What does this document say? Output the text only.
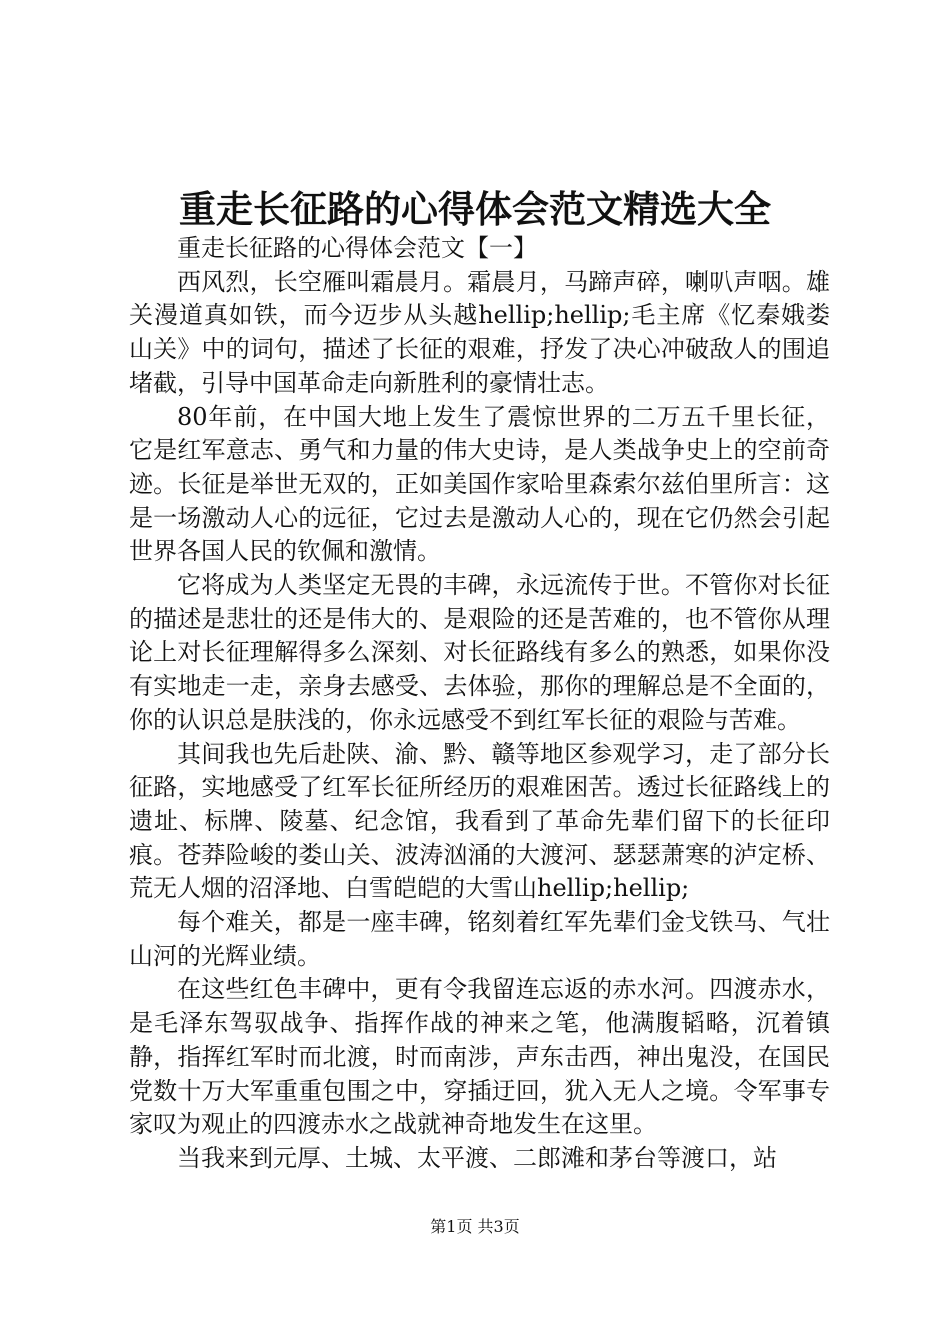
重走长征路的心得体会范文精选大全

重走长征路的心得体会范文【一】

西风烈，长空雁叫霜晨月。霜晨月，马蹄声碎，喇叭声咽。雄关漫道真如铁，而今迈步从头越hellip;hellip;毛主席《忆秦娥娄山关》中的词句，描述了长征的艰难，抒发了决心冲破敌人的围追堵截，引导中国革命走向新胜利的豪情壮志。

80年前，在中国大地上发生了震惊世界的二万五千里长征，它是红军意志、勇气和力量的伟大史诗，是人类战争史上的空前奇迹。长征是举世无双的，正如美国作家哈里森索尔兹伯里所言：这是一场激动人心的远征，它过去是激动人心的，现在它仍然会引起世界各国人民的钦佩和激情。

它将成为人类坚定无畏的丰碑，永远流传于世。不管你对长征的描述是悲壮的还是伟大的、是艰险的还是苦难的，也不管你从理论上对长征理解得多么深刻、对长征路线有多么的熟悉，如果你没有实地走一走，亲身去感受、去体验，那你的理解总是不全面的，你的认识总是肤浅的，你永远感受不到红军长征的艰险与苦难。

其间我也先后赴陕、渝、黔、赣等地区参观学习，走了部分长征路，实地感受了红军长征所经历的艰难困苦。透过长征路线上的遗址、标牌、陵墓、纪念馆，我看到了革命先辈们留下的长征印痕。苍莽险峻的娄山关、波涛汹涌的大渡河、瑟瑟萧寒的泸定桥、荒无人烟的沼泽地、白雪皑皑的大雪山hellip;hellip;

每个难关，都是一座丰碑，铭刻着红军先辈们金戈铁马、气壮山河的光辉业绩。

在这些红色丰碑中，更有令我留连忘返的赤水河。四渡赤水，是毛泽东驾驭战争、指挥作战的神来之笔，他满腹韬略，沉着镇静，指挥红军时而北渡，时而南涉，声东击西，神出鬼没，在国民党数十万大军重重包围之中，穿插迂回，犹入无人之境。令军事专家叹为观止的四渡赤水之战就神奇地发生在这里。

当我来到元厚、土城、太平渡、二郎滩和茅台等渡口，站

第1页 共3页
